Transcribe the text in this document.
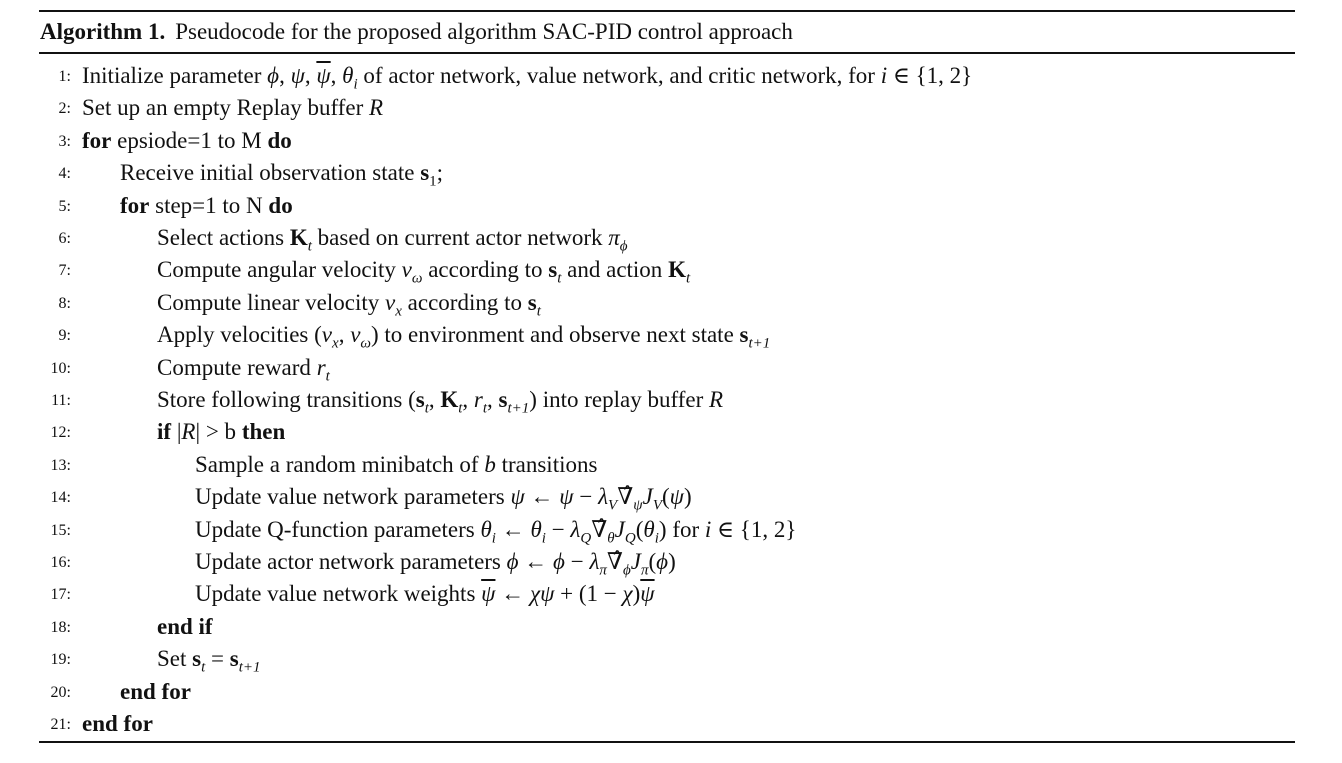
Algorithm 1. Pseudocode for the proposed algorithm SAC-PID control approach
1: Initialize parameter ϕ, ψ, $\overline{\psi}$, $\theta_i$ of actor network, value network, and critic network, for i ∈ {1, 2}
2: Set up an empty Replay buffer R
3: for epsiode=1 to M do
4: Receive initial observation state $s_1$;
5: for step=1 to N do
6:	Select actions $K_t$ based on current actor network $\pi_\phi$
7:	Compute angular velocity $v_\omega$ according to $s_t$ and action $K_t$
8:	Compute linear velocity $v_x$ according to $s_t$
9:	Apply velocities ($v_x$, $v_\omega$) to environment and observe next state $s_{t+1}$
10:	Compute reward $r_t$
11:	Store following transitions ($s_t$, $K_t$, $r_t$, $s_{t+1}$) into replay buffer R
12:	if |R| > b then
13:	Sample a random minibatch of b transitions
14:	Update value network parameters ψ ← $\psi - \lambda_V\nablâ_\psi J_V(\psi)$
15:	Update Q-function parameters $\theta_i$ ← $\theta_i$ − $\lambda_Q\nablâ_\theta J_Q(\theta_i)$ for i ∈ {1, 2}
16:	Update actor network parameters ϕ ← $\phi - \lambda_\pi\nablâ_\phi J_\pi(\phi)$
17:	Update value network weights $\overline{\psi}$ ← $\chi\psi + (1 - \chi)\overline{\psi}$
18:	end if
19:	Set $s_t = s_{t+1}$
20: end for
21: end for
